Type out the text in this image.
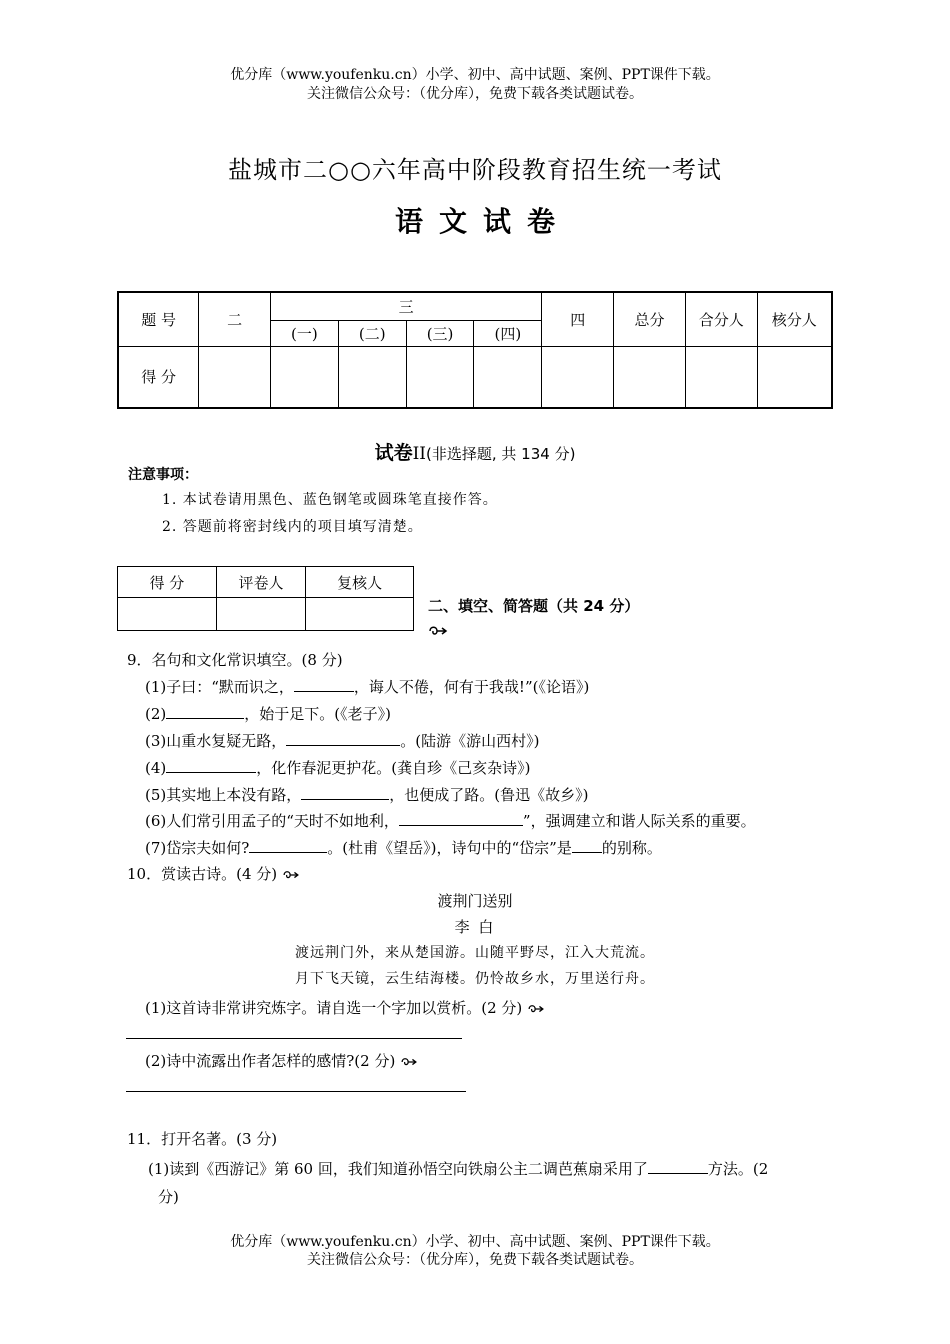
优分库（www.youfenku.cn）小学、初中、高中试题、案例、PPT课件下载。
关注微信公众号：（优分库），免费下载各类试题试卷。
盐城市二○○六年高中阶段教育招生统一考试
语文试卷
题 号	二	三				四	总分	合分人	核分人
		(一)	(二)	(三)	(四)				
得 分									
试卷II(非选择题, 共 134 分)
注意事项：
1. 本试卷请用黑色、蓝色钢笔或圆珠笔直接作答。
2. 答题前将密封线内的项目填写清楚。
得 分	评卷人	复核人

二、填空、简答题（共 24 分）
9．名句和文化常识填空。(8 分)
(1)子曰：“默而识之，	，诲人不倦，何有于我哉!”(《论语》)
(2)	，始于足下。(《老子》)
(3)山重水复疑无路，	。(陆游《游山西村》)
(4)	，化作春泥更护花。(龚自珍《己亥杂诗》)
(5)其实地上本没有路，	，也便成了路。(鲁迅《故乡》)
(6)人们常引用孟子的“天时不如地利，	”，强调建立和谐人际关系的重要。
(7)岱宗夫如何?	。(杜甫《望岳》)，诗句中的“岱宗”是 的别称。
10．赏读古诗。(4 分)
渡荆门送别
李 白
渡远荆门外，来从楚国游。山随平野尽，江入大荒流。
月下飞天镜，云生结海楼。仍怜故乡水，万里送行舟。
(1)这首诗非常讲究炼字。请自选一个字加以赏析。(2 分)
(2)诗中流露出作者怎样的感情?(2 分)
11．打开名著。(3 分)
(1)读到《西游记》第 60 回，我们知道孙悟空向铁扇公主二调芭蕉扇采用了	方法。(2
分)
优分库（www.youfenku.cn）小学、初中、高中试题、案例、PPT课件下载。
关注微信公众号：（优分库），免费下载各类试题试卷。
